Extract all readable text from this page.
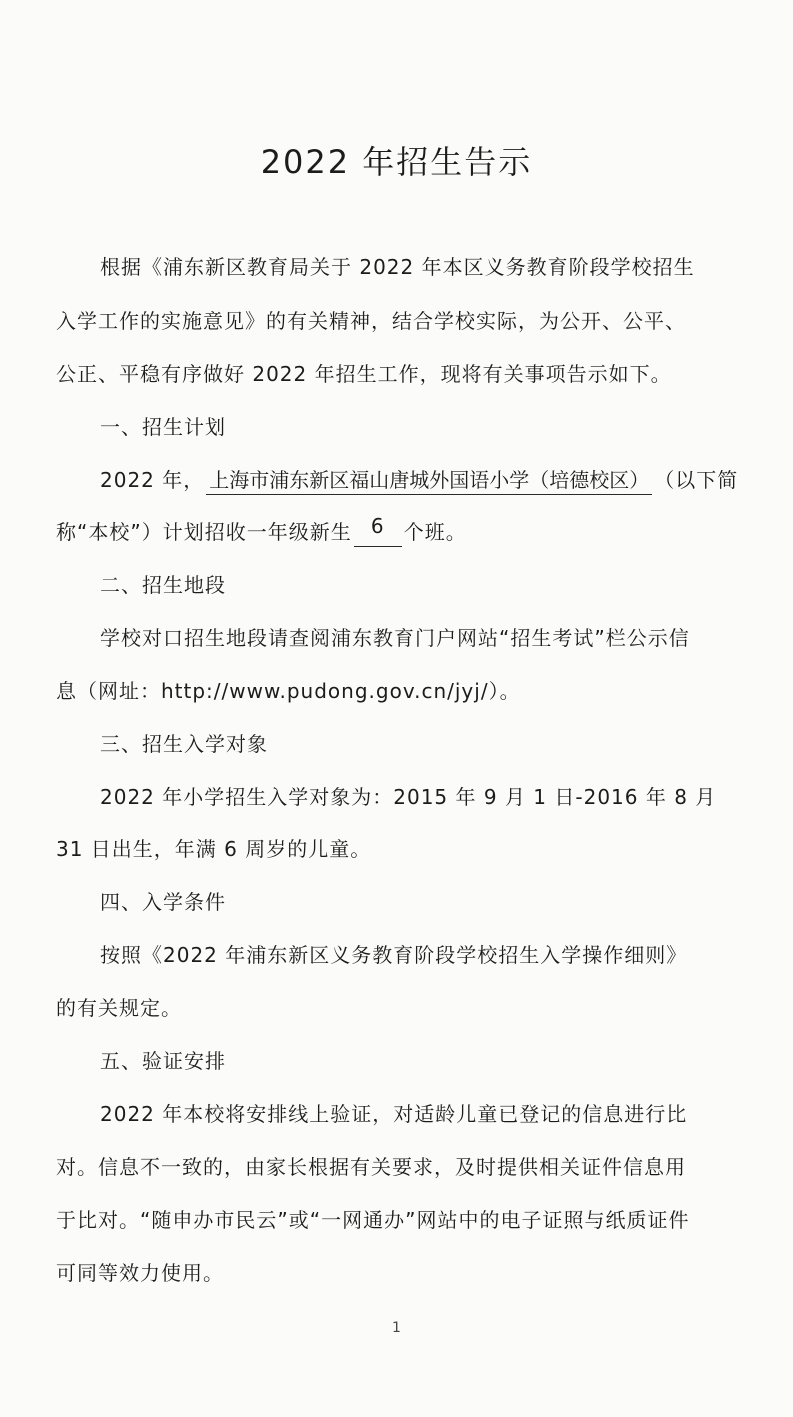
2022 年招生告示
根据《浦东新区教育局关于 2022 年本区义务教育阶段学校招生
入学工作的实施意见》的有关精神，结合学校实际，为公开、公平、
公正、平稳有序做好 2022 年招生工作，现将有关事项告示如下。
一、招生计划
2022 年， 上海市浦东新区福山唐城外国语小学（培德校区） （以下简
称“本校”）计划招收一年级新生 6 个班。
二、招生地段
学校对口招生地段请查阅浦东教育门户网站“招生考试”栏公示信
息（网址：http://www.pudong.gov.cn/jyj/）。
三、招生入学对象
2022 年小学招生入学对象为：2015 年 9 月 1 日-2016 年 8 月
31 日出生，年满 6 周岁的儿童。
四、入学条件
按照《2022 年浦东新区义务教育阶段学校招生入学操作细则》
的有关规定。
五、验证安排
2022 年本校将安排线上验证，对适龄儿童已登记的信息进行比
对。信息不一致的，由家长根据有关要求，及时提供相关证件信息用
于比对。“随申办市民云”或“一网通办”网站中的电子证照与纸质证件
可同等效力使用。
1
